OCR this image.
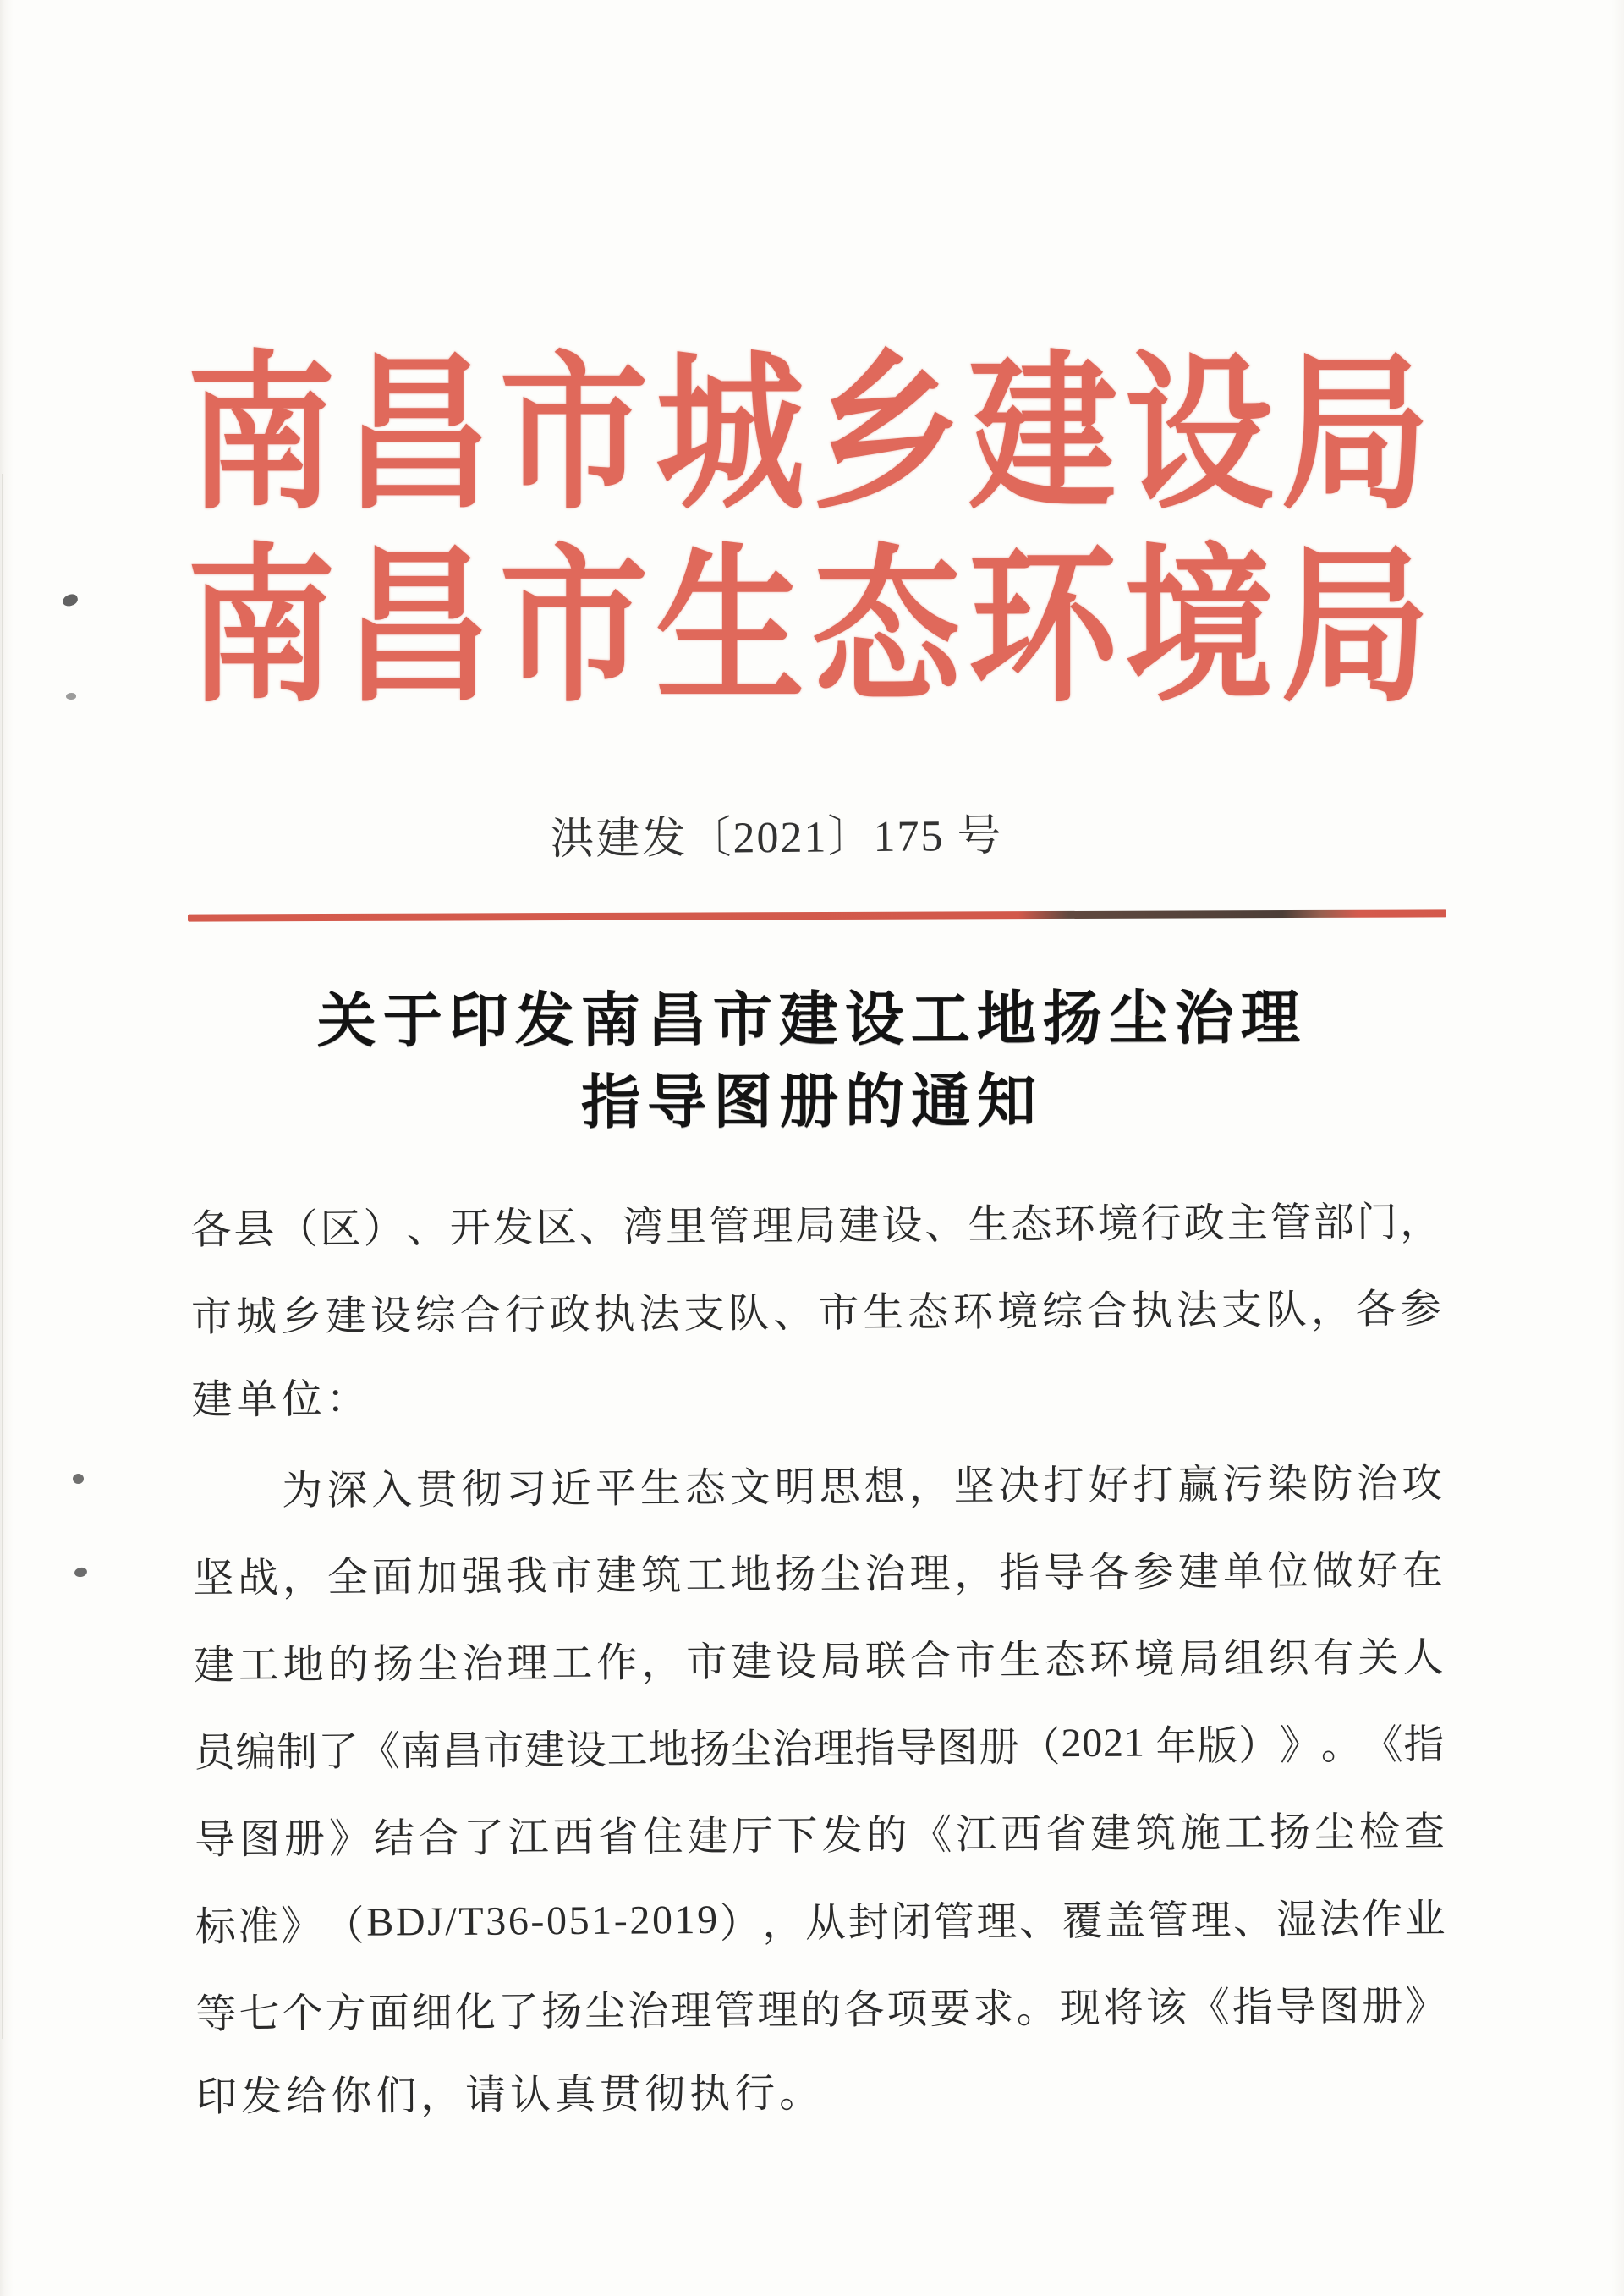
南昌市城乡建设局
南昌市生态环境局
洪建发〔2021〕175 号
关于印发南昌市建设工地扬尘治理
指导图册的通知
各 县 （ 区 ） 、 开 发 区 、 湾 里 管 理 局 建 设 、 生 态 环 境 行 政 主 管 部 门 ，
市 城 乡 建 设 综 合 行 政 执 法 支 队 、 市 生 态 环 境 综 合 执 法 支 队 ， 各 参
建单位：

为 深 入 贯 彻 习 近 平 生 态 文 明 思 想 ， 坚 决 打 好 打 赢 污 染 防 治 攻
坚 战 ， 全 面 加 强 我 市 建 筑 工 地 扬 尘 治 理 ， 指 导 各 参 建 单 位 做 好 在
建 工 地 的 扬 尘 治 理 工 作 ， 市 建 设 局 联 合 市 生 态 环 境 局 组 织 有 关 人
员 编 制 了 《 南 昌 市 建 设 工 地 扬 尘 治 理 指 导 图 册 （ 2 0 2 1
年 版 ） 》 。 《 指
导 图 册 》 结 合 了 江 西 省 住 建 厅 下 发 的 《 江 西 省 建 筑 施 工 扬 尘 检 查
标 准 》 （ B D J / T 3 6 - 0 5 1 - 2 0 1 9 ） ， 从 封 闭 管 理 、 覆 盖 管 理 、 湿 法 作 业
等 七 个 方 面 细 化 了 扬 尘 治 理 管 理 的 各 项 要 求 。 现 将 该 《 指 导 图 册 》
印发给你们，请认真贯彻执行。
